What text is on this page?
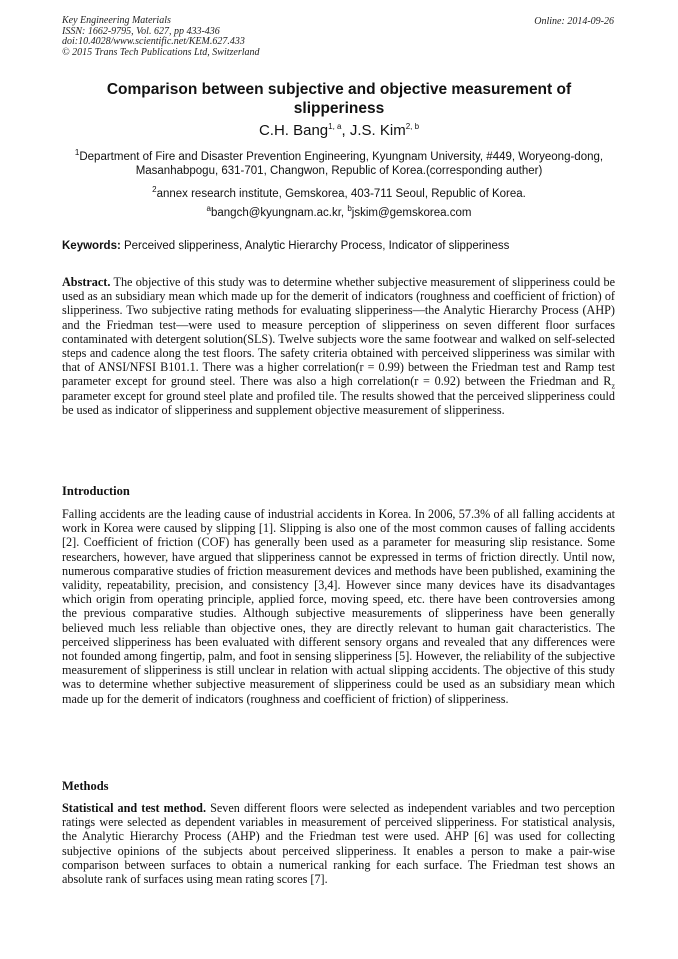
Key Engineering Materials
ISSN: 1662-9795, Vol. 627, pp 433-436
doi:10.4028/www.scientific.net/KEM.627.433
© 2015 Trans Tech Publications Ltd, Switzerland
Online: 2014-09-26
Comparison between subjective and objective measurement of slipperiness
C.H. Bang$^{1, a}$, J.S. Kim$^{2, b}$
$^1$Department of Fire and Disaster Prevention Engineering, Kyungnam University, #449, Woryeong-dong, Masanhabpogu, 631-701, Changwon, Republic of Korea.(corresponding auther)
$^2$annex research institute, Gemskorea, 403-711 Seoul, Republic of Korea.
$^a$bangch@kyungnam.ac.kr, $^b$jskim@gemskorea.com
Keywords: Perceived slipperiness, Analytic Hierarchy Process, Indicator of slipperiness
Abstract. The objective of this study was to determine whether subjective measurement of slipperiness could be used as an subsidiary mean which made up for the demerit of indicators (roughness and coefficient of friction) of slipperiness. Two subjective rating methods for evaluating slipperiness—the Analytic Hierarchy Process (AHP) and the Friedman test—were used to measure perception of slipperiness on seven different floor surfaces contaminated with detergent solution(SLS). Twelve subjects wore the same footwear and walked on self-selected steps and cadence along the test floors. The safety criteria obtained with perceived slipperiness was similar with that of ANSI/NFSI B101.1. There was a higher correlation(r = 0.99) between the Friedman test and Ramp test parameter except for ground steel. There was also a high correlation(r = 0.92) between the Friedman and $R_z$ parameter except for ground steel plate and profiled tile. The results showed that the perceived slipperiness could be used as indicator of slipperiness and supplement objective measurement of slipperiness.
Introduction
Falling accidents are the leading cause of industrial accidents in Korea. In 2006, 57.3% of all falling accidents at work in Korea were caused by slipping [1]. Slipping is also one of the most common causes of falling accidents [2]. Coefficient of friction (COF) has generally been used as a parameter for measuring slip resistance. Some researchers, however, have argued that slipperiness cannot be expressed in terms of friction directly. Until now, numerous comparative studies of friction measurement devices and methods have been published, examining the validity, repeatability, precision, and consistency [3,4]. However since many devices have its disadvantages which origin from operating principle, applied force, moving speed, etc. there have been controversies among the previous comparative studies. Although subjective measurements of slipperiness have been generally believed much less reliable than objective ones, they are directly relevant to human gait characteristics. The perceived slipperiness has been evaluated with different sensory organs and revealed that any differences were not founded among fingertip, palm, and foot in sensing slipperiness [5]. However, the reliability of the subjective measurement of slipperiness is still unclear in relation with actual slipping accidents. The objective of this study was to determine whether subjective measurement of slipperiness could be used as an subsidiary mean which made up for the demerit of indicators (roughness and coefficient of friction) of slipperiness.
Methods
Statistical and test method. Seven different floors were selected as independent variables and two perception ratings were selected as dependent variables in measurement of perceived slipperiness. For statistical analysis, the Analytic Hierarchy Process (AHP) and the Friedman test were used. AHP [6] was used for collecting subjective opinions of the subjects about perceived slipperiness. It enables a person to make a pair-wise comparison between surfaces to obtain a numerical ranking for each surface. The Friedman test shows an absolute rank of surfaces using mean rating scores [7].
